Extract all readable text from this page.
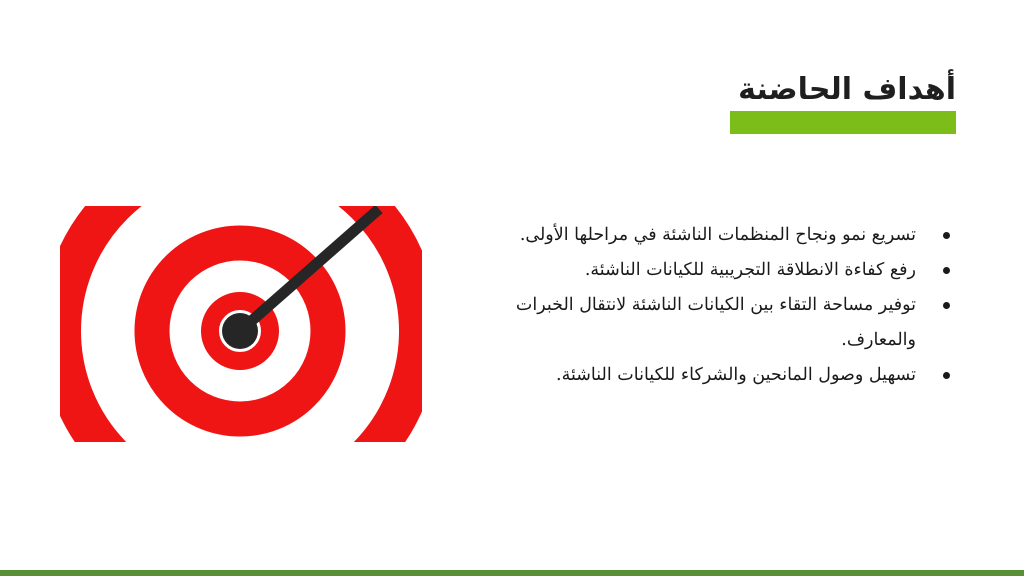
أهداف الحاضنة
تسريع نمو ونجاح المنظمات الناشئة في مراحلها الأولى.
رفع كفاءة الانطلاقة التجريبية للكيانات الناشئة.
توفير مساحة التقاء بين الكيانات الناشئة لانتقال الخبرات والمعارف.
تسهيل وصول المانحين والشركاء للكيانات الناشئة.
